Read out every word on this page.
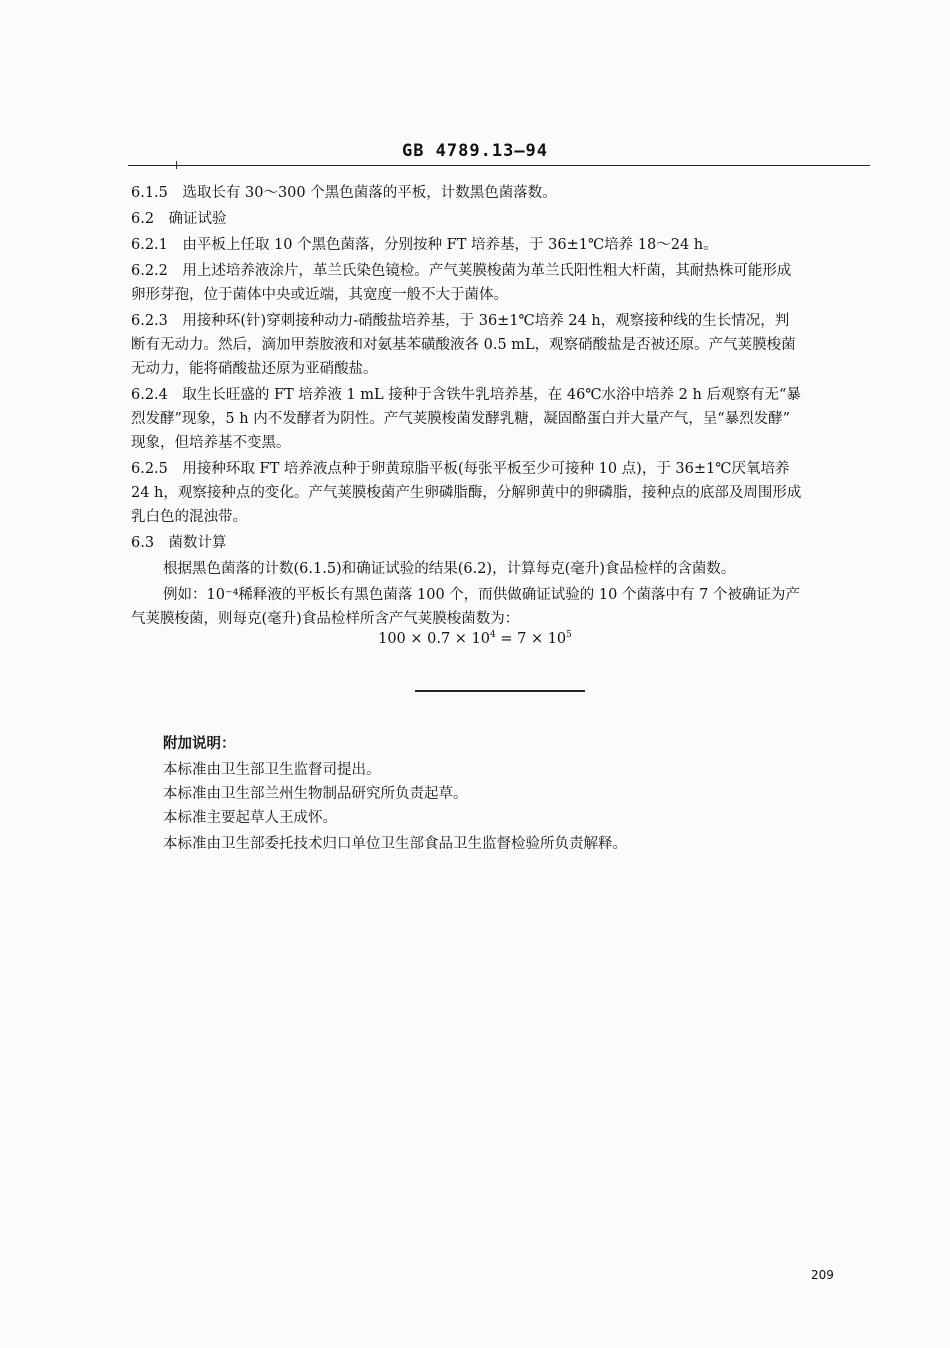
GB 4789.13—94
6.1.5　选取长有 30～300 个黑色菌落的平板，计数黑色菌落数。
6.2　确证试验
6.2.1　由平板上任取 10 个黑色菌落，分别按种 FT 培养基，于 36±1℃培养 18～24 h。
6.2.2　用上述培养液涂片，革兰氏染色镜检。产气荚膜梭菌为革兰氏阳性粗大杆菌，其耐热株可能形成
卵形芽孢，位于菌体中央或近端，其宽度一般不大于菌体。
6.2.3　用接种环(针)穿刺接种动力-硝酸盐培养基，于 36±1℃培养 24 h，观察接种线的生长情况，判
断有无动力。然后，滴加甲萘胺液和对氨基苯磺酸液各 0.5 mL，观察硝酸盐是否被还原。产气荚膜梭菌
无动力，能将硝酸盐还原为亚硝酸盐。
6.2.4　取生长旺盛的 FT 培养液 1 mL 接种于含铁牛乳培养基，在 46℃水浴中培养 2 h 后观察有无“暴
烈发酵”现象，5 h 内不发酵者为阴性。产气荚膜梭菌发酵乳糖，凝固酪蛋白并大量产气，呈“暴烈发酵”
现象，但培养基不变黑。
6.2.5　用接种环取 FT 培养液点种于卵黄琼脂平板(每张平板至少可接种 10 点)，于 36±1℃厌氧培养
24 h，观察接种点的变化。产气荚膜梭菌产生卵磷脂酶，分解卵黄中的卵磷脂，接种点的底部及周围形成
乳白色的混浊带。
6.3　菌数计算
根据黑色菌落的计数(6.1.5)和确证试验的结果(6.2)，计算每克(毫升)食品检样的含菌数。
例如：10⁻⁴稀释液的平板长有黑色菌落 100 个，而供做确证试验的 10 个菌落中有 7 个被确证为产
气荚膜梭菌，则每克(毫升)食品检样所含产气荚膜梭菌数为：
$100 \times 0.7 \times 10^4 = 7 \times 10^5$
附加说明：
本标准由卫生部卫生监督司提出。
本标准由卫生部兰州生物制品研究所负责起草。
本标准主要起草人王成怀。
本标准由卫生部委托技术归口单位卫生部食品卫生监督检验所负责解释。
209
